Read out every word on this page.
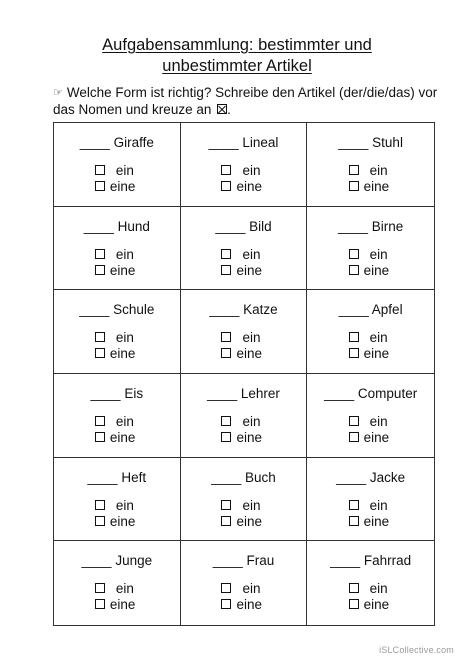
Aufgabensammlung: bestimmter und
unbestimmter Artikel
☞ Welche Form ist richtig? Schreibe den Artikel (der/die/das) vor das Nomen und kreuze an .
____ Giraffe
ein
eine
____ Lineal
ein
eine
____ Stuhl
ein
eine
____ Hund
ein
eine
____ Bild
ein
eine
____ Birne
ein
eine
____ Schule
ein
eine
____ Katze
ein
eine
____ Apfel
ein
eine
____ Eis
ein
eine
____ Lehrer
ein
eine
____ Computer
ein
eine
____ Heft
ein
eine
____ Buch
ein
eine
____ Jacke
ein
eine
____ Junge
ein
eine
____ Frau
ein
eine
____ Fahrrad
ein
eine
iSLCollective.com
